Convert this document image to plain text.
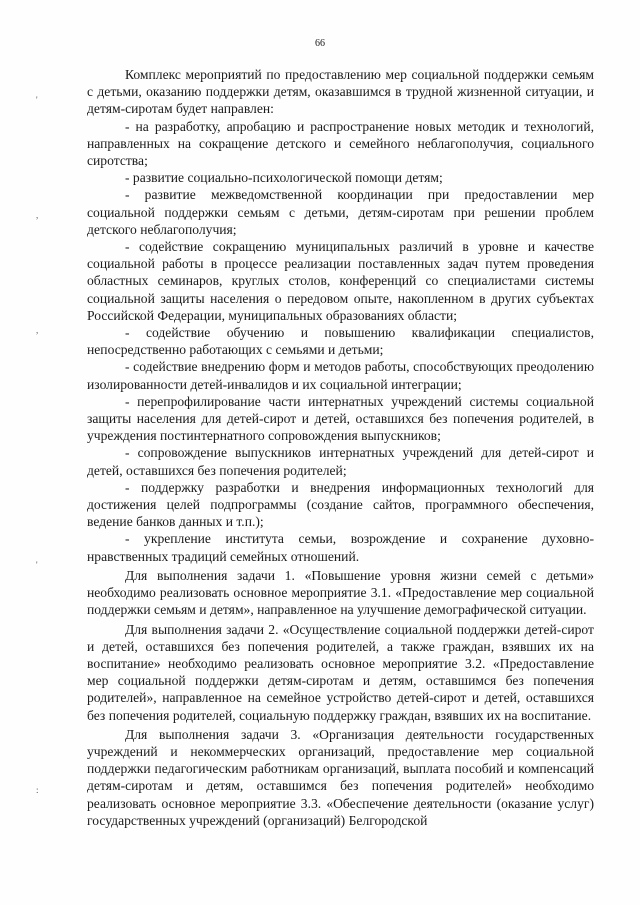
66
'
,
,
'
:

Комплекс мероприятий по предоставлению мер социальной поддержки семьям с детьми, оказанию поддержки детям, оказавшимся в трудной жизненной ситуации, и детям-сиротам будет направлен:

- на разработку, апробацию и распространение новых методик и технологий, направленных на сокращение детского и семейного неблагополучия, социального сиротства;

- развитие социально-психологической помощи детям;

- развитие межведомственной координации при предоставлении мер социальной поддержки семьям с детьми, детям-сиротам при решении проблем детского неблагополучия;

- содействие сокращению муниципальных различий в уровне и качестве социальной работы в процессе реализации поставленных задач путем проведения областных семинаров, круглых столов, конференций со специалистами системы социальной защиты населения о передовом опыте, накопленном в других субъектах Российской Федерации, муниципальных образованиях области;

- содействие обучению и повышению квалификации специалистов, непосредственно работающих с семьями и детьми;

- содействие внедрению форм и методов работы, способствующих преодолению изолированности детей-инвалидов и их социальной интеграции;

- перепрофилирование части интернатных учреждений системы социальной защиты населения для детей-сирот и детей, оставшихся без попечения родителей, в учреждения постинтернатного сопровождения выпускников;

- сопровождение выпускников интернатных учреждений для детей-сирот и детей, оставшихся без попечения родителей;

- поддержку разработки и внедрения информационных технологий для достижения целей подпрограммы (создание сайтов, программного обеспечения, ведение банков данных и т.п.);

- укрепление института семьи, возрождение и сохранение духовно-нравственных традиций семейных отношений.

Для выполнения задачи 1. «Повышение уровня жизни семей с детьми» необходимо реализовать основное мероприятие 3.1. «Предоставление мер социальной поддержки семьям и детям», направленное на улучшение демографической ситуации.

Для выполнения задачи 2. «Осуществление социальной поддержки детей-сирот и детей, оставшихся без попечения родителей, а также граждан, взявших их на воспитание» необходимо реализовать основное мероприятие 3.2. «Предоставление мер социальной поддержки детям-сиротам и детям, оставшимся без попечения родителей», направленное на семейное устройство детей-сирот и детей, оставшихся без попечения родителей, социальную поддержку граждан, взявших их на воспитание.

Для выполнения задачи 3. «Организация деятельности государственных учреждений и некоммерческих организаций, предоставление мер социальной поддержки педагогическим работникам организаций, выплата пособий и компенсаций детям-сиротам и детям, оставшимся без попечения родителей» необходимо реализовать основное мероприятие 3.3. «Обеспечение деятельности (оказание услуг) государственных учреждений (организаций) Белгородской
